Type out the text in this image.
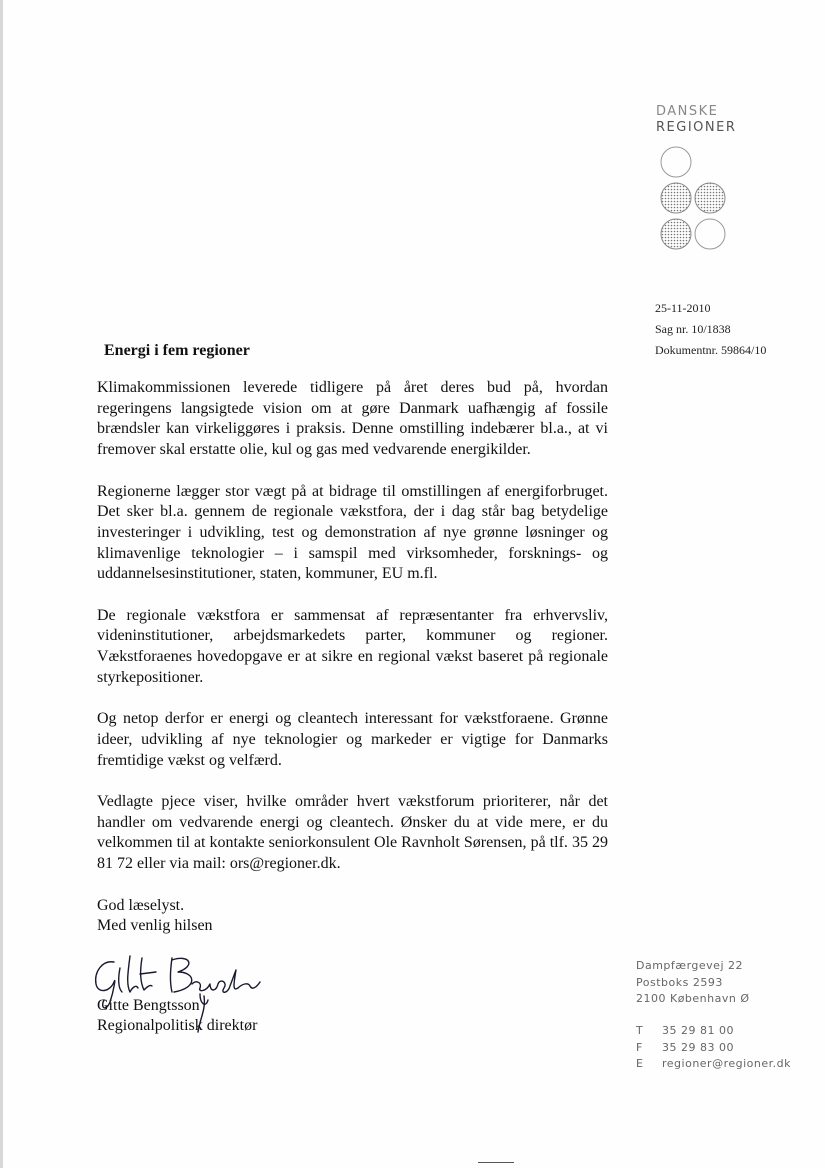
DANSKE
REGIONER
25-11-2010
Sag nr. 10/1838
Dokumentnr. 59864/10
Energi i fem regioner

Klimakommissionen leverede tidligere på året deres bud på, hvordan regeringens langsigtede vision om at gøre Danmark uafhængig af fossile brændsler kan virkeliggøres i praksis. Denne omstilling indebærer bl.a., at vi fremover skal erstatte olie, kul og gas med vedvarende energikilder.

Regionerne lægger stor vægt på at bidrage til omstillingen af energiforbruget. Det sker bl.a. gennem de regionale vækstfora, der i dag står bag betydelige investeringer i udvikling, test og demonstration af nye grønne løsninger og klimavenlige teknologier – i samspil med virksomheder, forsknings- og uddannelsesinstitutioner, staten, kommuner, EU m.fl.

De regionale vækstfora er sammensat af repræsentanter fra erhvervsliv, videninstitutioner, arbejdsmarkedets parter, kommuner og regioner. Vækstforaenes hovedopgave er at sikre en regional vækst baseret på regionale styrkepositioner.

Og netop derfor er energi og cleantech interessant for vækstforaene. Grønne ideer, udvikling af nye teknologier og markeder er vigtige for Danmarks fremtidige vækst og velfærd.

Vedlagte pjece viser, hvilke områder hvert vækstforum prioriterer, når det handler om vedvarende energi og cleantech. Ønsker du at vide mere, er du velkommen til at kontakte seniorkonsulent Ole Ravnholt Sørensen, på tlf. 35 29 81 72 eller via mail: ors@regioner.dk.

God læselyst.

Med venlig hilsen
Gitte Bengtsson
Regionalpolitisk direktør
Dampfærgevej 22
Postboks 2593
2100 København Ø
T 35 29 81 00
F 35 29 83 00
E regioner@regioner.dk
